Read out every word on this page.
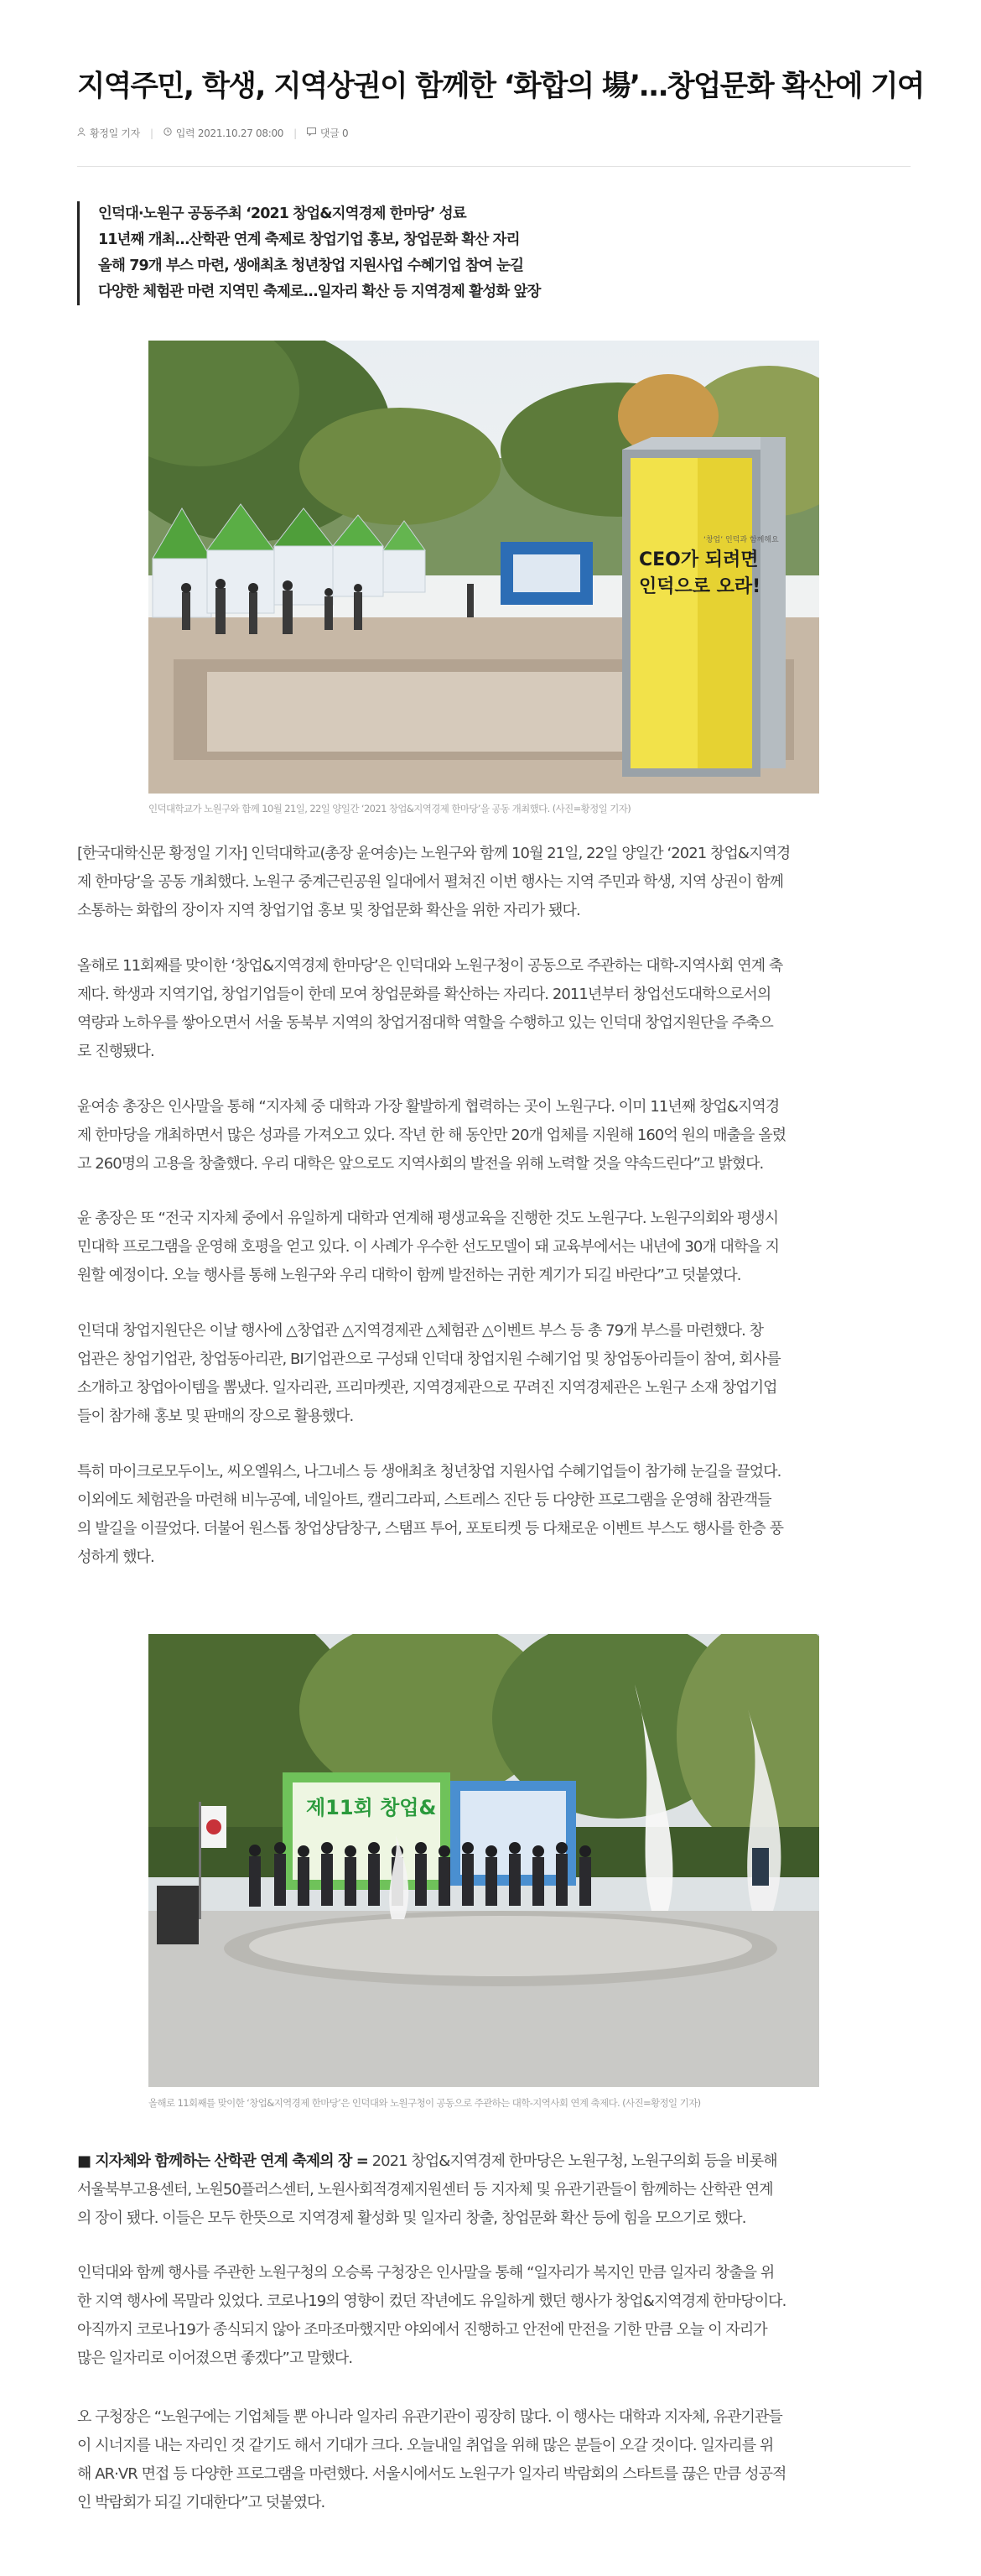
지역주민, 학생, 지역상권이 함께한 ‘화합의 場’…창업문화 확산에 기여
황정일 기자 | 입력 2021.10.27 08:00 | 댓글 0
인덕대·노원구 공동주최 ‘2021 창업&지역경제 한마당’ 성료
11년째 개최…산학관 연계 축제로 창업기업 홍보, 창업문화 확산 자리
올해 79개 부스 마련, 생애최초 청년창업 지원사업 수혜기업 참여 눈길
다양한 체험관 마련 지역민 축제로…일자리 확산 등 지역경제 활성화 앞장
CEO가 되려면
인덕으로 오라!
‘창업’ 인덕과 함께해요
인덕대학교가 노원구와 함께 10월 21일, 22일 양일간 ‘2021 창업&지역경제 한마당’을 공동 개최했다. (사진=황정일 기자)
[한국대학신문 황정일 기자] 인덕대학교(총장 윤여송)는 노원구와 함께 10월 21일, 22일 양일간 ‘2021 창업&지역경
제 한마당’을 공동 개최했다. 노원구 중계근린공원 일대에서 펼쳐진 이번 행사는 지역 주민과 학생, 지역 상권이 함께
소통하는 화합의 장이자 지역 창업기업 홍보 및 창업문화 확산을 위한 자리가 됐다.
올해로 11회째를 맞이한 ‘창업&지역경제 한마당’은 인덕대와 노원구청이 공동으로 주관하는 대학-지역사회 연계 축
제다. 학생과 지역기업, 창업기업들이 한데 모여 창업문화를 확산하는 자리다. 2011년부터 창업선도대학으로서의
역량과 노하우를 쌓아오면서 서울 동북부 지역의 창업거점대학 역할을 수행하고 있는 인덕대 창업지원단을 주축으
로 진행됐다.
윤여송 총장은 인사말을 통해 “지자체 중 대학과 가장 활발하게 협력하는 곳이 노원구다. 이미 11년째 창업&지역경
제 한마당을 개최하면서 많은 성과를 가져오고 있다. 작년 한 해 동안만 20개 업체를 지원해 160억 원의 매출을 올렸
고 260명의 고용을 창출했다. 우리 대학은 앞으로도 지역사회의 발전을 위해 노력할 것을 약속드린다”고 밝혔다.
윤 총장은 또 “전국 지자체 중에서 유일하게 대학과 연계해 평생교육을 진행한 것도 노원구다. 노원구의회와 평생시
민대학 프로그램을 운영해 호평을 얻고 있다. 이 사례가 우수한 선도모델이 돼 교육부에서는 내년에 30개 대학을 지
원할 예정이다. 오늘 행사를 통해 노원구와 우리 대학이 함께 발전하는 귀한 계기가 되길 바란다”고 덧붙였다.
인덕대 창업지원단은 이날 행사에 △창업관 △지역경제관 △체험관 △이벤트 부스 등 총 79개 부스를 마련했다. 창
업관은 창업기업관, 창업동아리관, BI기업관으로 구성돼 인덕대 창업지원 수혜기업 및 창업동아리들이 참여, 회사를
소개하고 창업아이템을 뽐냈다. 일자리관, 프리마켓관, 지역경제관으로 꾸려진 지역경제관은 노원구 소재 창업기업
들이 참가해 홍보 및 판매의 장으로 활용했다.
특히 마이크로모두이노, 씨오엘워스, 나그네스 등 생애최초 청년창업 지원사업 수혜기업들이 참가해 눈길을 끌었다.
이외에도 체험관을 마련해 비누공예, 네일아트, 캘리그라피, 스트레스 진단 등 다양한 프로그램을 운영해 참관객들
의 발길을 이끌었다. 더불어 원스톱 창업상담창구, 스탬프 투어, 포토티켓 등 다채로운 이벤트 부스도 행사를 한층 풍
성하게 했다.
제11회 창업&
올해로 11회째를 맞이한 ‘창업&지역경제 한마당’은 인덕대와 노원구청이 공동으로 주관하는 대학-지역사회 연계 축제다. (사진=황정일 기자)
■ 지자체와 함께하는 산학관 연계 축제의 장 = 2021 창업&지역경제 한마당은 노원구청, 노원구의회 등을 비롯해
서울북부고용센터, 노원50플러스센터, 노원사회적경제지원센터 등 지자체 및 유관기관들이 함께하는 산학관 연계
의 장이 됐다. 이들은 모두 한뜻으로 지역경제 활성화 및 일자리 창출, 창업문화 확산 등에 힘을 모으기로 했다.
인덕대와 함께 행사를 주관한 노원구청의 오승록 구청장은 인사말을 통해 “일자리가 복지인 만큼 일자리 창출을 위
한 지역 행사에 목말라 있었다. 코로나19의 영향이 컸던 작년에도 유일하게 했던 행사가 창업&지역경제 한마당이다.
아직까지 코로나19가 종식되지 않아 조마조마했지만 야외에서 진행하고 안전에 만전을 기한 만큼 오늘 이 자리가
많은 일자리로 이어졌으면 좋겠다”고 말했다.
오 구청장은 “노원구에는 기업체들 뿐 아니라 일자리 유관기관이 굉장히 많다. 이 행사는 대학과 지자체, 유관기관들
이 시너지를 내는 자리인 것 같기도 해서 기대가 크다. 오늘내일 취업을 위해 많은 분들이 오갈 것이다. 일자리를 위
해 AR·VR 면접 등 다양한 프로그램을 마련했다. 서울시에서도 노원구가 일자리 박람회의 스타트를 끊은 만큼 성공적
인 박람회가 되길 기대한다”고 덧붙였다.
